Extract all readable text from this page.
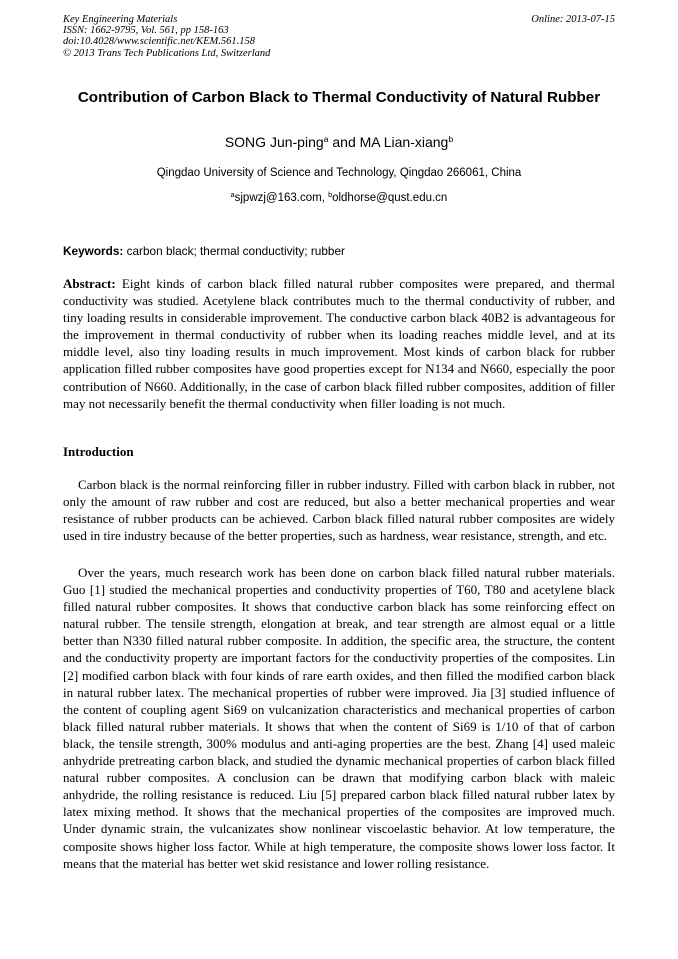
Key Engineering Materials
ISSN: 1662-9795, Vol. 561, pp 158-163
doi:10.4028/www.scientific.net/KEM.561.158
© 2013 Trans Tech Publications Ltd, Switzerland
Online: 2013-07-15
Contribution of Carbon Black to Thermal Conductivity of Natural Rubber
SONG Jun-ping$^a$ and MA Lian-xiang$^b$
Qingdao University of Science and Technology, Qingdao 266061, China
$^a$sjpwzj@163.com, $^b$oldhorse@qust.edu.cn
Keywords: carbon black; thermal conductivity; rubber
Abstract: Eight kinds of carbon black filled natural rubber composites were prepared, and thermal conductivity was studied. Acetylene black contributes much to the thermal conductivity of rubber, and tiny loading results in considerable improvement. The conductive carbon black 40B2 is advantageous for the improvement in thermal conductivity of rubber when its loading reaches middle level, and at its middle level, also tiny loading results in much improvement. Most kinds of carbon black for rubber application filled rubber composites have good properties except for N134 and N660, especially the poor contribution of N660. Additionally, in the case of carbon black filled rubber composites, addition of filler may not necessarily benefit the thermal conductivity when filler loading is not much.
Introduction
Carbon black is the normal reinforcing filler in rubber industry. Filled with carbon black in rubber, not only the amount of raw rubber and cost are reduced, but also a better mechanical properties and wear resistance of rubber products can be achieved. Carbon black filled natural rubber composites are widely used in tire industry because of the better properties, such as hardness, wear resistance, strength, and etc.
Over the years, much research work has been done on carbon black filled natural rubber materials. Guo [1] studied the mechanical properties and conductivity properties of T60, T80 and acetylene black filled natural rubber composites. It shows that conductive carbon black has some reinforcing effect on natural rubber. The tensile strength, elongation at break, and tear strength are almost equal or a little better than N330 filled natural rubber composite. In addition, the specific area, the structure, the content and the conductivity property are important factors for the conductivity properties of the composites. Lin [2] modified carbon black with four kinds of rare earth oxides, and then filled the modified carbon black in natural rubber latex. The mechanical properties of rubber were improved. Jia [3] studied influence of the content of coupling agent Si69 on vulcanization characteristics and mechanical properties of carbon black filled natural rubber materials. It shows that when the content of Si69 is 1/10 of that of carbon black, the tensile strength, 300% modulus and anti-aging properties are the best. Zhang [4] used maleic anhydride pretreating carbon black, and studied the dynamic mechanical properties of carbon black filled natural rubber composites. A conclusion can be drawn that modifying carbon black with maleic anhydride, the rolling resistance is reduced. Liu [5] prepared carbon black filled natural rubber latex by latex mixing method. It shows that the mechanical properties of the composites are improved much. Under dynamic strain, the vulcanizates show nonlinear viscoelastic behavior. At low temperature, the composite shows higher loss factor. While at high temperature, the composite shows lower loss factor. It means that the material has better wet skid resistance and lower rolling resistance.
